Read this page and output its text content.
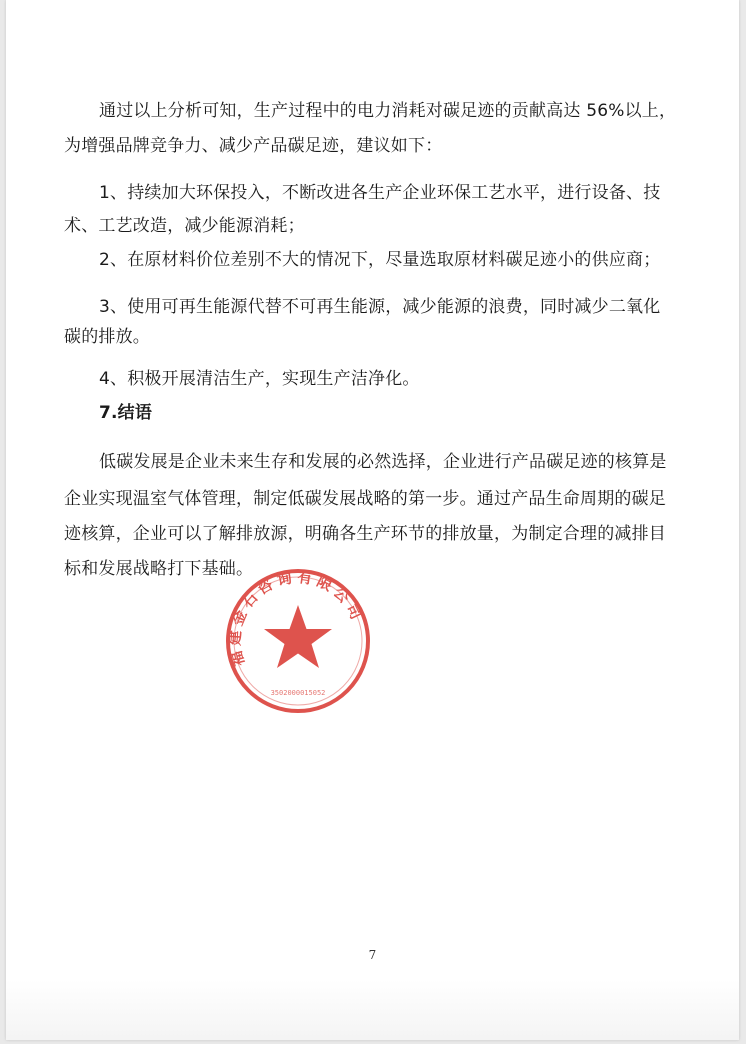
通过以上分析可知，生产过程中的电力消耗对碳足迹的贡献高达 56%以上，
为增强品牌竞争力、减少产品碳足迹，建议如下：
1、持续加大环保投入，不断改进各生产企业环保工艺水平，进行设备、技
术、工艺改造，减少能源消耗；
2、在原材料价位差别不大的情况下，尽量选取原材料碳足迹小的供应商；
3、使用可再生能源代替不可再生能源，减少能源的浪费，同时减少二氧化
碳的排放。
4、积极开展清洁生产，实现生产洁净化。
7.结语
低碳发展是企业未来生存和发展的必然选择，企业进行产品碳足迹的核算是
企业实现温室气体管理，制定低碳发展战略的第一步。通过产品生命周期的碳足
迹核算，企业可以了解排放源，明确各生产环节的排放量，为制定合理的减排目
标和发展战略打下基础。
福建金石咨询有限公司
3502000015052
7
